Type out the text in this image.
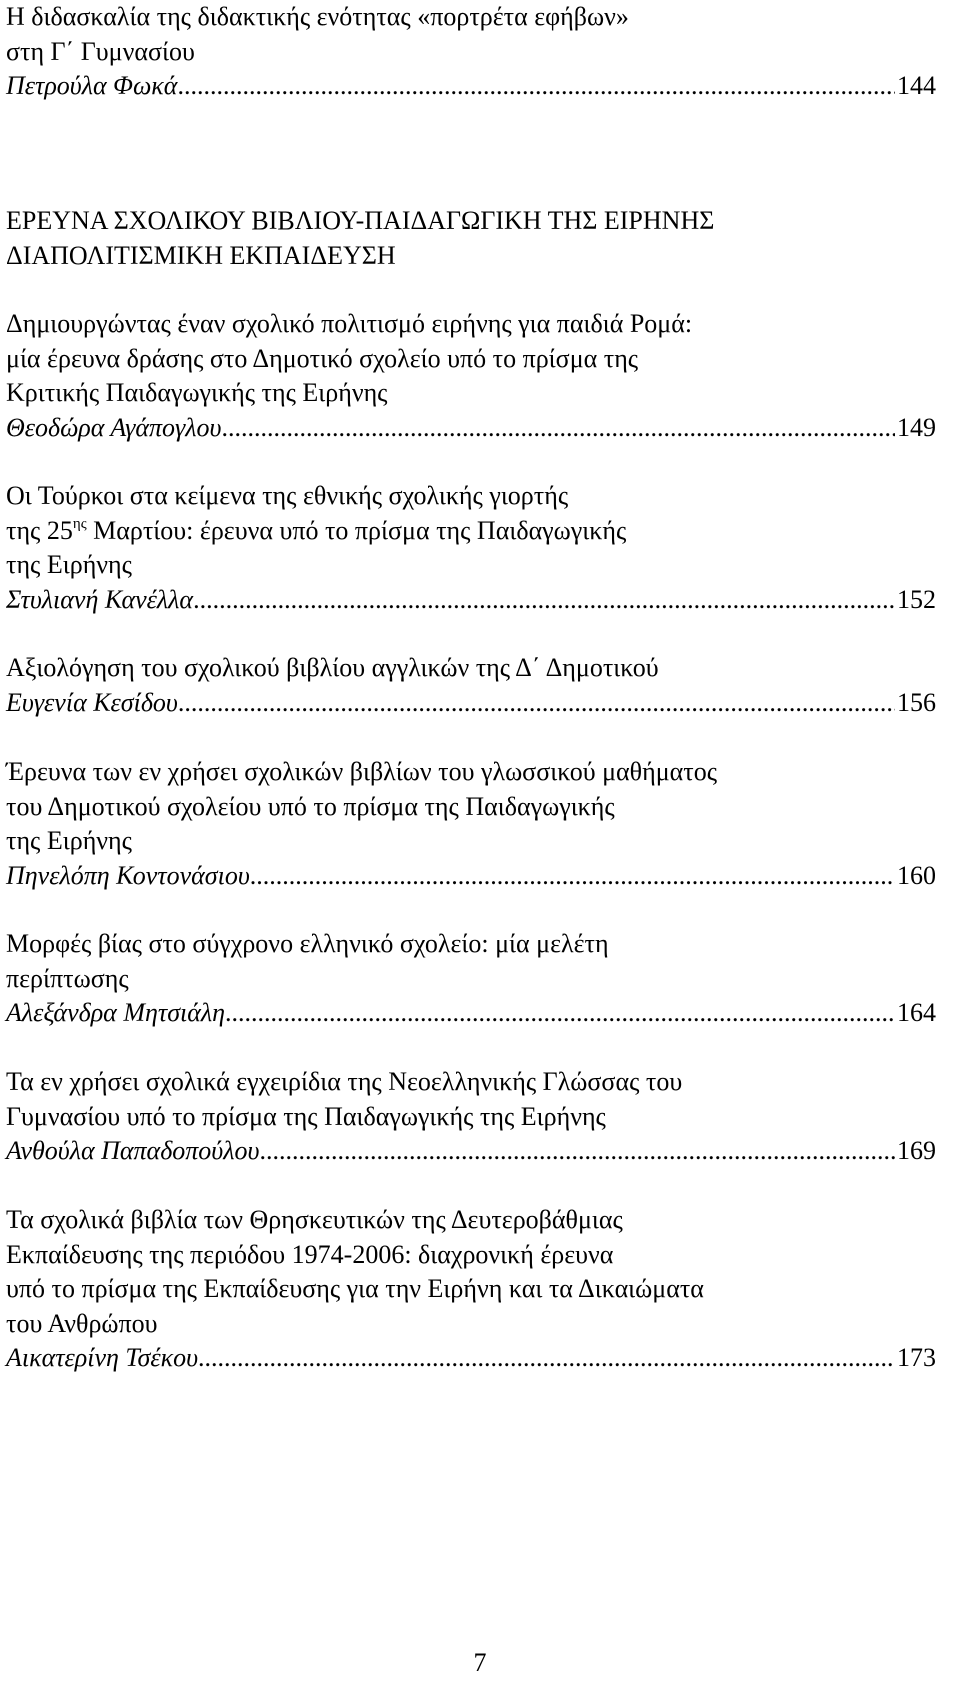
Η διδασκαλία της διδακτικής ενότητας «πορτρέτα εφήβων»
στη Γ΄ Γυμνασίου
Πετρούλα Φωκά .....	144
ΕΡΕΥΝΑ ΣΧΟΛΙΚΟΥ ΒΙΒΛΙΟΥ-ΠΑΙΔΑΓΩΓΙΚΗ ΤΗΣ ΕΙΡΗΝΗΣ
ΔΙΑΠΟΛΙΤΙΣΜΙΚΗ ΕΚΠΑΙΔΕΥΣΗ
Δημιουργώντας έναν σχολικό πολιτισμό ειρήνης για παιδιά Ρομά:
μία έρευνα δράσης στο Δημοτικό σχολείο υπό το πρίσμα της
Κριτικής Παιδαγωγικής της Ειρήνης
Θεοδώρα Αγάπογλου .....	149
Οι Τούρκοι στα κείμενα της εθνικής σχολικής γιορτής
της $25^{\eta\varsigma}$ Μαρτίου: έρευνα υπό το πρίσμα της Παιδαγωγικής
της Ειρήνης
Στυλιανή Κανέλλα .....	152
Αξιολόγηση του σχολικού βιβλίου αγγλικών της Δ΄ Δημοτικού
Ευγενία Κεσίδου .....	156
Έρευνα των εν χρήσει σχολικών βιβλίων του γλωσσικού μαθήματος
του Δημοτικού σχολείου υπό το πρίσμα της Παιδαγωγικής
της Ειρήνης
Πηνελόπη Κοντονάσιου .....	160
Μορφές βίας στο σύγχρονο ελληνικό σχολείο: μία μελέτη
περίπτωσης
Αλεξάνδρα Μητσιάλη .....	164
Τα εν χρήσει σχολικά εγχειρίδια της Νεοελληνικής Γλώσσας του
Γυμνασίου υπό το πρίσμα της Παιδαγωγικής της Ειρήνης
Ανθούλα Παπαδοπούλου .....	169
Τα σχολικά βιβλία των Θρησκευτικών της Δευτεροβάθμιας
Εκπαίδευσης της περιόδου 1974-2006: διαχρονική έρευνα
υπό το πρίσμα της Εκπαίδευσης για την Ειρήνη και τα Δικαιώματα
του Ανθρώπου
Αικατερίνη Τσέκου .....	173
7
